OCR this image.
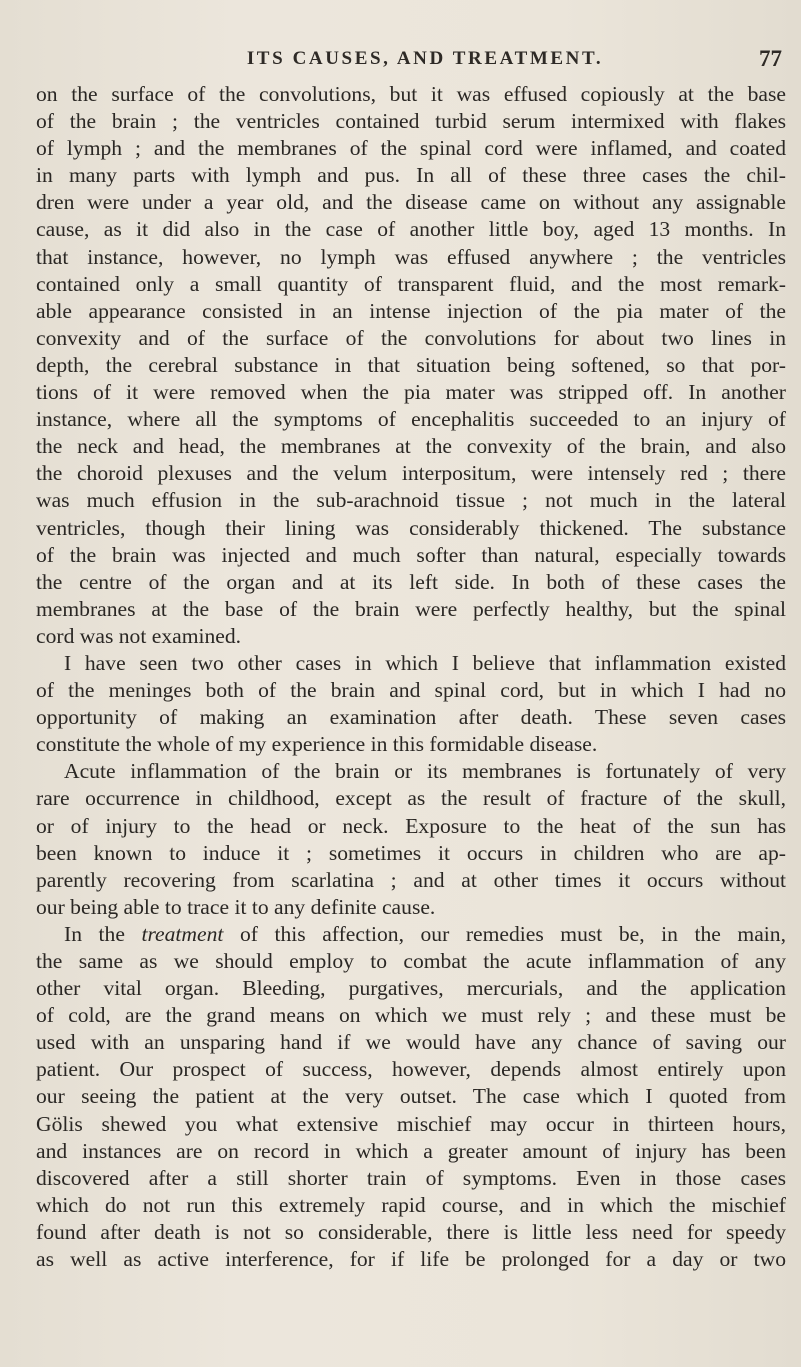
ITS CAUSES, AND TREATMENT.	77
on the surface of the convolutions, but it was effused copiously at the base
of the brain ; the ventricles contained turbid serum intermixed with flakes
of lymph ; and the membranes of the spinal cord were inflamed, and coated
in many parts with lymph and pus. In all of these three cases the chil-
dren were under a year old, and the disease came on without any assignable
cause, as it did also in the case of another little boy, aged 13 months. In
that instance, however, no lymph was effused anywhere ; the ventricles
contained only a small quantity of transparent fluid, and the most remark-
able appearance consisted in an intense injection of the pia mater of the
convexity and of the surface of the convolutions for about two lines in
depth, the cerebral substance in that situation being softened, so that por-
tions of it were removed when the pia mater was stripped off. In another
instance, where all the symptoms of encephalitis succeeded to an injury of
the neck and head, the membranes at the convexity of the brain, and also
the choroid plexuses and the velum interpositum, were intensely red ; there
was much effusion in the sub-arachnoid tissue ; not much in the lateral
ventricles, though their lining was considerably thickened. The substance
of the brain was injected and much softer than natural, especially towards
the centre of the organ and at its left side. In both of these cases the
membranes at the base of the brain were perfectly healthy, but the spinal
cord was not examined.
I have seen two other cases in which I believe that inflammation existed
of the meninges both of the brain and spinal cord, but in which I had no
opportunity of making an examination after death. These seven cases
constitute the whole of my experience in this formidable disease.
Acute inflammation of the brain or its membranes is fortunately of very
rare occurrence in childhood, except as the result of fracture of the skull,
or of injury to the head or neck. Exposure to the heat of the sun has
been known to induce it ; sometimes it occurs in children who are ap-
parently recovering from scarlatina ; and at other times it occurs without
our being able to trace it to any definite cause.
In the treatment of this affection, our remedies must be, in the main,
the same as we should employ to combat the acute inflammation of any
other vital organ. Bleeding, purgatives, mercurials, and the application
of cold, are the grand means on which we must rely ; and these must be
used with an unsparing hand if we would have any chance of saving our
patient. Our prospect of success, however, depends almost entirely upon
our seeing the patient at the very outset. The case which I quoted from
Gölis shewed you what extensive mischief may occur in thirteen hours,
and instances are on record in which a greater amount of injury has been
discovered after a still shorter train of symptoms. Even in those cases
which do not run this extremely rapid course, and in which the mischief
found after death is not so considerable, there is little less need for speedy
as well as active interference, for if life be prolonged for a day or two
